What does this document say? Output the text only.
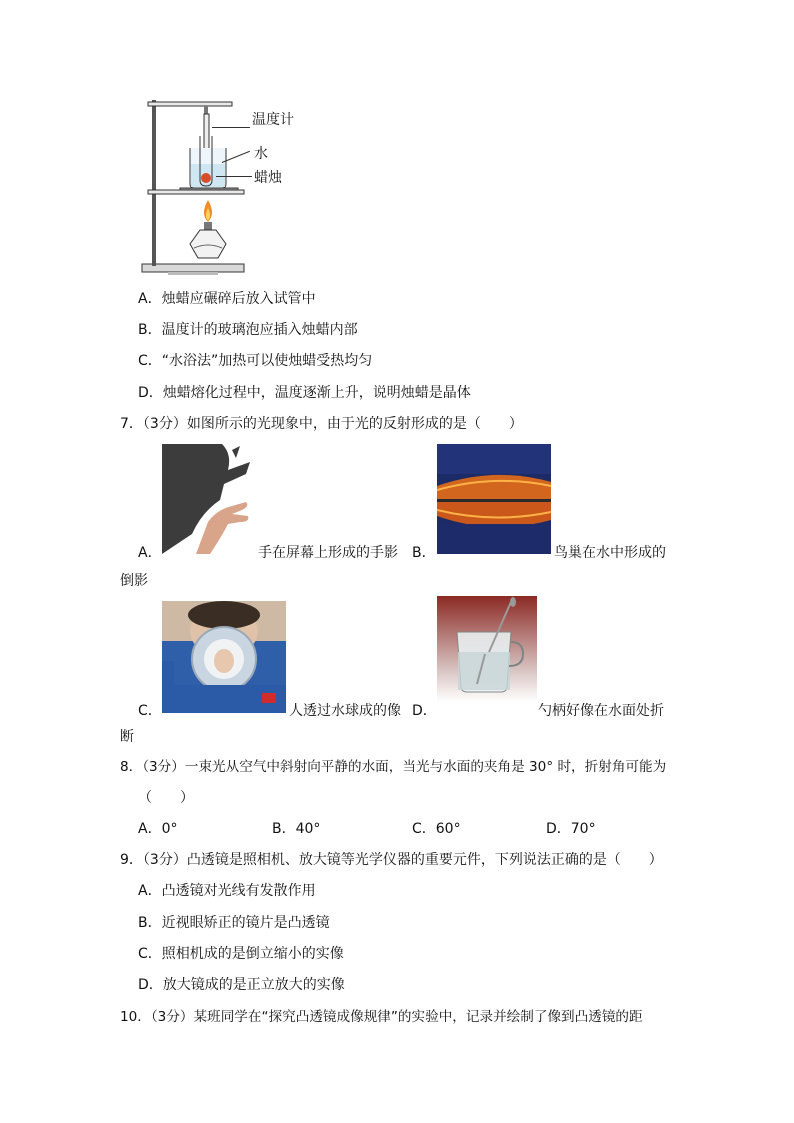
温度计
水
蜡烛
A．烛蜡应碾碎后放入试管中
B．温度计的玻璃泡应插入烛蜡内部
C．“水浴法”加热可以使烛蜡受热均匀
D．烛蜡熔化过程中，温度逐渐上升，说明烛蜡是晶体
7．（3分）如图所示的光现象中，由于光的反射形成的是（　　）
A．	手在屏幕上形成的手影 B．	鸟巢在水中形成的
倒影
C．	人透过水球成的像 D．	勺柄好像在水面处折
断
8．（3分）一束光从空气中斜射向平静的水面，当光与水面的夹角是 30° 时，折射角可能为
（　　）
A．0°	B．40°	C．60°	D．70°
9．（3分）凸透镜是照相机、放大镜等光学仪器的重要元件，下列说法正确的是（　　）
A．凸透镜对光线有发散作用
B．近视眼矫正的镜片是凸透镜
C．照相机成的是倒立缩小的实像
D．放大镜成的是正立放大的实像
10．（3分）某班同学在“探究凸透镜成像规律”的实验中，记录并绘制了像到凸透镜的距
